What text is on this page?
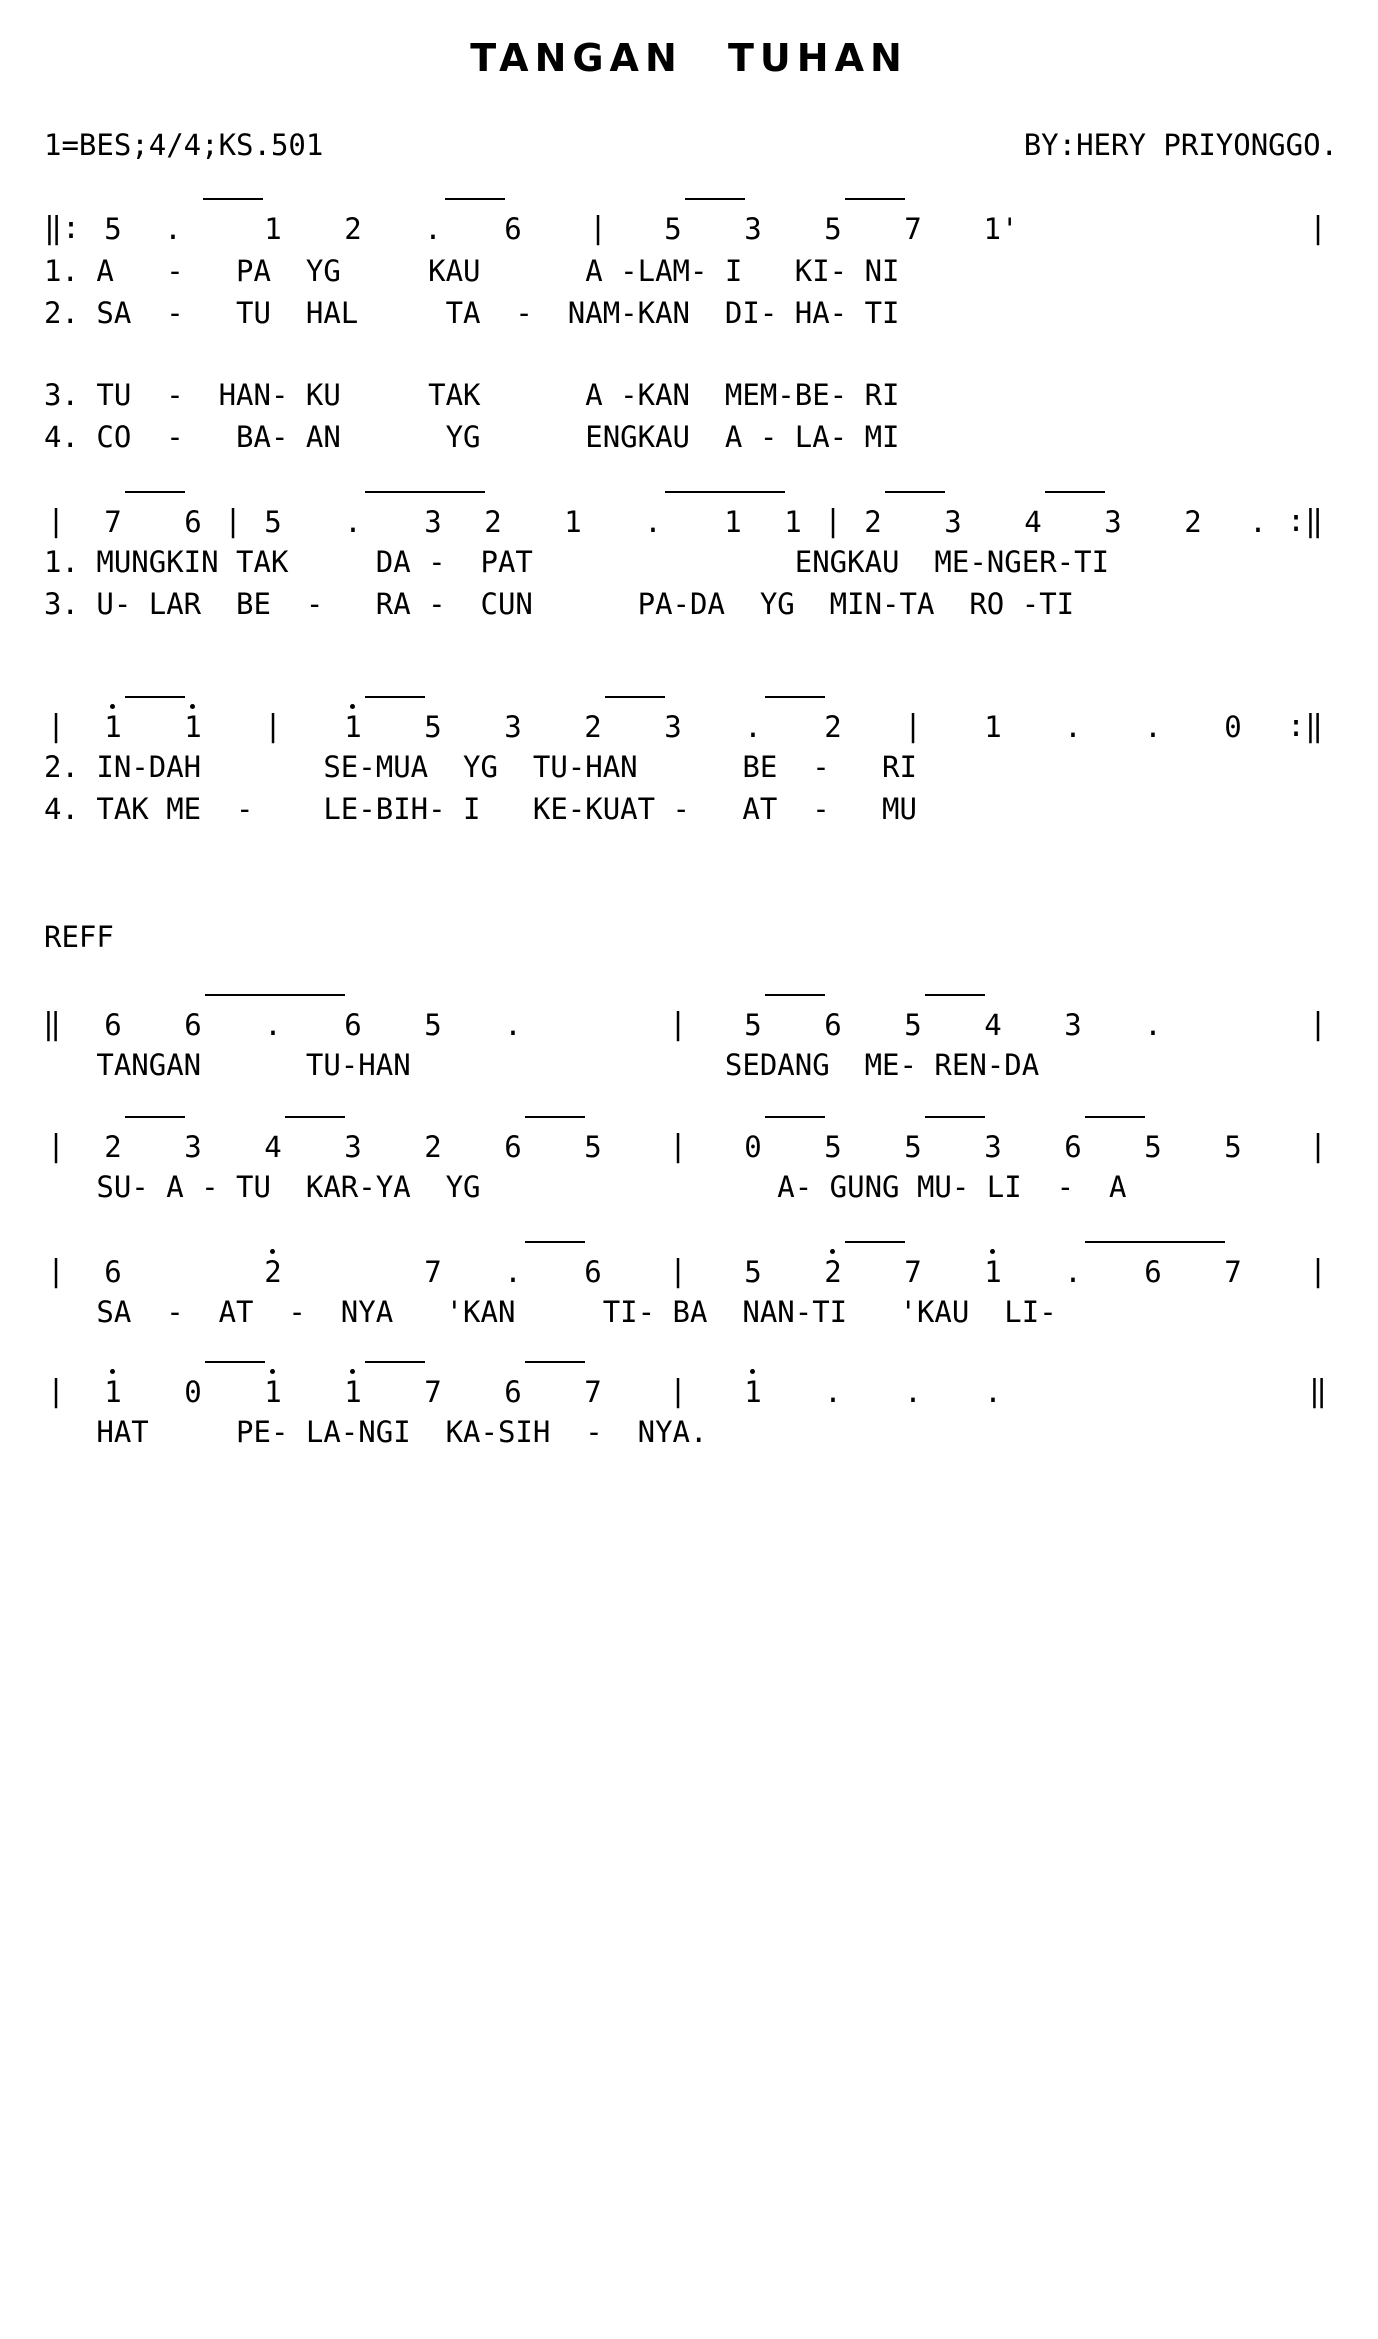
TANGAN TUHAN
1=BES;4/4;KS.501	BY:HERY PRIYONGGO.
REFF
‖: 5	.	1	2	.	6	|	5	3	5	7	1'	|
1. A   -   PA  YG     KAU      A -LAM- I   KI- NI
2. SA  -   TU  HAL     TA  -  NAM-KAN  DI- HA- TI
3. TU  -  HAN- KU     TAK      A -KAN  MEM-BE- RI
4. CO  -   BA- AN      YG      ENGKAU  A - LA- MI
|	7	6 | 5	.	3	2	1	.	1	1 | 2	3	4	3	2	. :‖
1. MUNGKIN TAK     DA -  PAT               ENGKAU  ME-NGER-TI
3. U- LAR  BE  -   RA -  CUN      PA-DA  YG  MIN-TA  RO -TI
|	1	1	|	1	5	3	2	3	.	2	|	1	.	.	0	:‖
2. IN-DAH       SE-MUA  YG  TU-HAN      BE  -   RI
4. TAK ME  -    LE-BIH- I   KE-KUAT -   AT  -   MU
‖	6	6	.	6	5	.	|	5	6	5	4	3	.	|
TANGAN      TU-HAN                  SEDANG  ME- REN-DA
|	2	3	4	3	2	6	5	|	0	5	5	3	6	5	5	|
SU- A - TU  KAR-YA  YG                 A- GUNG MU- LI  -  A
|	6	2	7	.	6	|	5	2	7	1	.	6	7	|
SA  -  AT  -  NYA   'KAN     TI- BA  NAN-TI   'KAU  LI-
|	1	0	1	1	7	6	7	|	1	.	.	.	‖
HAT     PE- LA-NGI  KA-SIH  -  NYA.
